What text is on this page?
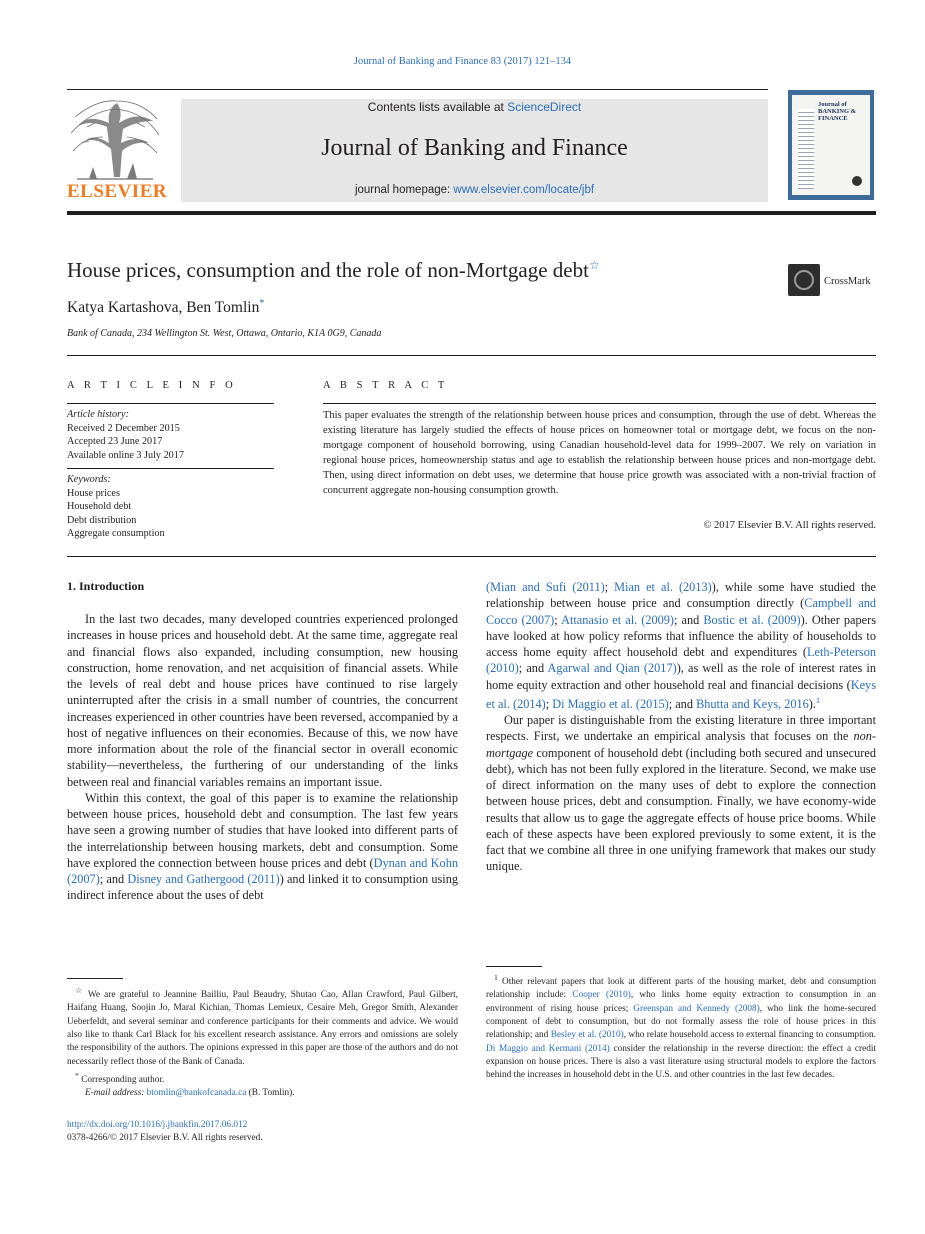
Journal of Banking and Finance 83 (2017) 121–134
ELSEVIER
Contents lists available at ScienceDirect
Journal of Banking and Finance
journal homepage: www.elsevier.com/locate/jbf
Journal of BANKING & FINANCE
House prices, consumption and the role of non-Mortgage debt☆
CrossMark
Katya Kartashova, Ben Tomlin*
Bank of Canada, 234 Wellington St. West, Ottawa, Ontario, K1A 0G9, Canada
A R T I C L E I N F O
Article history:
Received 2 December 2015
Accepted 23 June 2017
Available online 3 July 2017
Keywords:
House prices
Household debt
Debt distribution
Aggregate consumption
A B S T R A C T
This paper evaluates the strength of the relationship between house prices and consumption, through the use of debt. Whereas the existing literature has largely studied the effects of house prices on homeowner total or mortgage debt, we focus on the non-mortgage component of household borrowing, using Canadian household-level data for 1999–2007. We rely on variation in regional house prices, homeownership status and age to establish the relationship between house prices and non-mortgage debt. Then, using direct information on debt uses, we determine that house price growth was associated with a non-trivial fraction of concurrent aggregate non-housing consumption growth.
© 2017 Elsevier B.V. All rights reserved.
1. Introduction

In the last two decades, many developed countries experienced prolonged increases in house prices and household debt. At the same time, aggregate real and financial flows also expanded, including consumption, new housing construction, home renovation, and net acquisition of financial assets. While the levels of real debt and house prices have continued to rise largely uninterrupted after the crisis in a small number of countries, the concurrent increases experienced in other countries have been reversed, accompanied by a host of negative influences on their economies. Because of this, we now have more information about the role of the financial sector in overall economic stability—nevertheless, the furthering of our understanding of the links between real and financial variables remains an important issue.

Within this context, the goal of this paper is to examine the relationship between house prices, household debt and consumption. The last few years have seen a growing number of studies that have looked into different parts of the interrelationship between housing markets, debt and consumption. Some have explored the connection between house prices and debt (Dynan and Kohn (2007); and Disney and Gathergood (2011)) and linked it to consumption using indirect inference about the uses of debt

(Mian and Sufi (2011); Mian et al. (2013)), while some have studied the relationship between house price and consumption directly (Campbell and Cocco (2007); Attanasio et al. (2009); and Bostic et al. (2009)). Other papers have looked at how policy reforms that influence the ability of households to access home equity affect household debt and expenditures (Leth-Peterson (2010); and Agarwal and Qian (2017)), as well as the role of interest rates in home equity extraction and other household real and financial decisions (Keys et al. (2014); Di Maggio et al. (2015); and Bhutta and Keys, 2016).$^1$

Our paper is distinguishable from the existing literature in three important respects. First, we undertake an empirical analysis that focuses on the non-mortgage component of household debt (including both secured and unsecured debt), which has not been fully explored in the literature. Second, we make use of direct information on the many uses of debt to explore the connection between house prices, debt and consumption. Finally, we have economy-wide results that allow us to gage the aggregate effects of house price booms. While each of these aspects have been explored previously to some extent, it is the fact that we combine all three in one unifying framework that makes our study unique.

☆ We are grateful to Jeannine Bailliu, Paul Beaudry, Shutao Cao, Allan Crawford, Paul Gilbert, Haifang Huang, Soojin Jo, Maral Kichian, Thomas Lemieux, Cesaire Meh, Gregor Smith, Alexander Ueberfeldt, and several seminar and conference participants for their comments and advice. We would also like to thank Carl Black for his excellent research assistance. Any errors and omissions are solely the responsibility of the authors. The opinions expressed in this paper are those of the authors and do not necessarily reflect those of the Bank of Canada.

* Corresponding author.

E-mail address: btomlin@bankofcanada.ca (B. Tomlin).

$^1$ Other relevant papers that look at different parts of the housing market, debt and consumption relationship include: Cooper (2010), who links home equity extraction to consumption in an environment of rising house prices; Greenspan and Kennedy (2008), who link the home-secured component of debt to consumption, but do not formally assess the role of house prices in this relationship; and Besley et al. (2010), who relate household access to external financing to consumption. Di Maggio and Kermani (2014) consider the relationship in the reverse direction: the effect a credit expansion on house prices. There is also a vast literature using structural models to explore the factors behind the increases in household debt in the U.S. and other countries in the last few decades.

http://dx.doi.org/10.1016/j.jbankfin.2017.06.012
0378-4266/© 2017 Elsevier B.V. All rights reserved.
